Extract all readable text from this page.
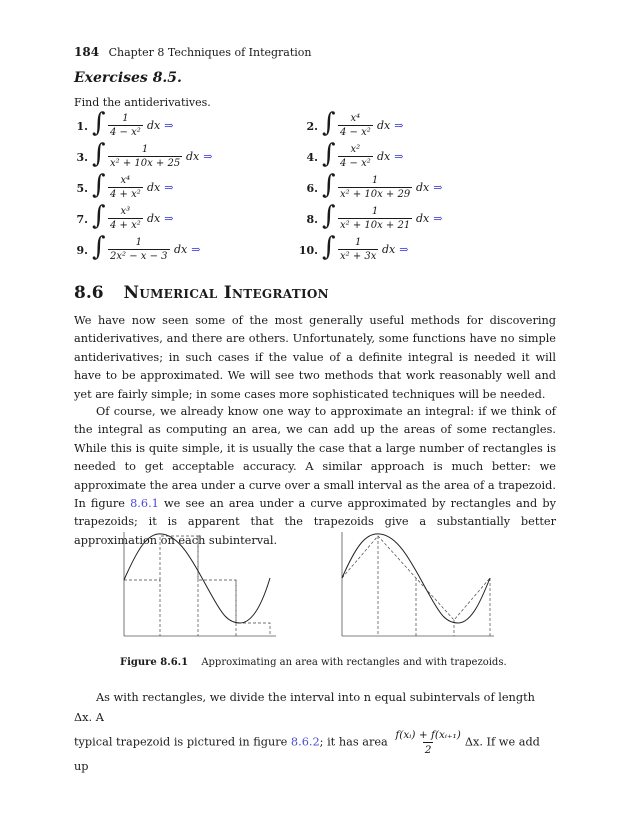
184 Chapter 8 Techniques of Integration
Exercises 8.5.
Find the antiderivatives.
1. ∫ $\frac{1}{\text{4 − x²}}$ dx ⇒	2. ∫ $\frac{\text{x⁴}}{\text{4 − x²}}$ dx ⇒
3. ∫ $\frac{1}{\text{x² + 10x + 25}}$ dx ⇒	4. ∫ $\frac{\text{x²}}{\text{4 − x²}}$ dx ⇒
5. ∫ $\frac{\text{x⁴}}{\text{4 + x²}}$ dx ⇒	6. ∫ $\frac{1}{\text{x² + 10x + 29}}$ dx ⇒
7. ∫ $\frac{\text{x³}}{\text{4 + x²}}$ dx ⇒	8. ∫ $\frac{1}{\text{x² + 10x + 21}}$ dx ⇒
9. ∫ $\frac{1}{\text{2x² − x − 3}}$ dx ⇒	10. ∫ $\frac{1}{\text{x² + 3x}}$ dx ⇒
8.6 Numerical Integration
We have now seen some of the most generally useful methods for discovering antiderivatives, and there are others. Unfortunately, some functions have no simple antiderivatives; in such cases if the value of a definite integral is needed it will have to be approximated. We will see two methods that work reasonably well and yet are fairly simple; in some cases more sophisticated techniques will be needed.
Of course, we already know one way to approximate an integral: if we think of the integral as computing an area, we can add up the areas of some rectangles. While this is quite simple, it is usually the case that a large number of rectangles is needed to get acceptable accuracy. A similar approach is much better: we approximate the area under a curve over a small interval as the area of a trapezoid. In figure 8.6.1 we see an area under a curve approximated by rectangles and by trapezoids; it is apparent that the trapezoids give a substantially better approximation on each subinterval.
Figure 8.6.1 Approximating an area with rectangles and with trapezoids.
As with rectangles, we divide the interval into n equal subintervals of length Δx. A
typical trapezoid is pictured in figure 8.6.2; it has area $\frac{\text{f(xᵢ) + f(xᵢ₊₁)}}{2} \Delta x$. If we add up
